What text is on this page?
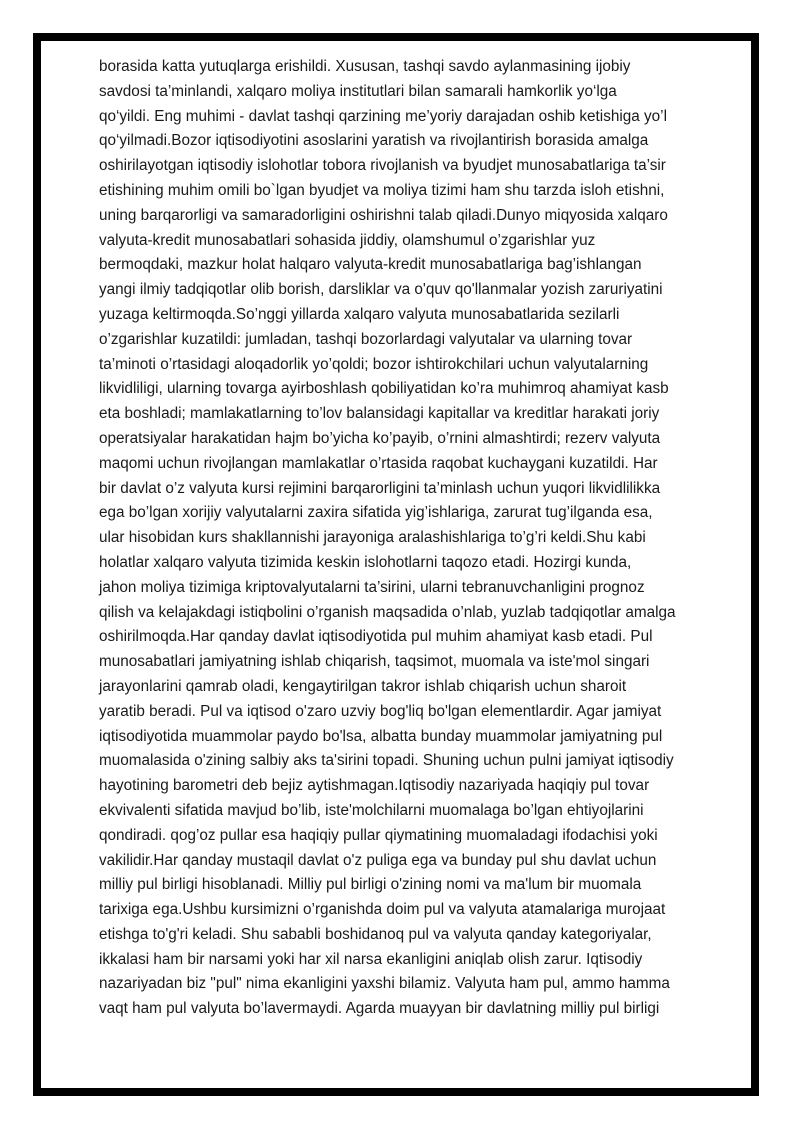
borasida katta yutuqlarga erishildi. Xususan, tashqi savdo aylanmasining ijobiy
savdosi ta’minlandi, xalqaro moliya institutlari bilan samarali hamkorlik yo‘lga
qo‘yildi. Eng muhimi - davlat tashqi qarzining me’yoriy darajadan oshib ketishiga yo’l
qo‘yilmadi.Bozor iqtisodiyotini asoslarini yaratish va rivojlantirish borasida amalga
oshirilayotgan iqtisodiy islohotlar tobora rivojlanish va byudjet munosabatlariga ta’sir
etishining muhim omili bo`lgan byudjet va moliya tizimi ham shu tarzda isloh etishni,
uning barqarorligi va samaradorligini oshirishni talab qiladi.Dunyo miqyosida xalqaro
valyuta-kredit munosabatlari sohasida jiddiy, olamshumul o’zgarishlar yuz
bermoqdaki, mazkur holat halqaro valyuta-kredit munosabatlariga bag’ishlangan
yangi ilmiy tadqiqotlar olib borish, darsliklar va o'quv qo'llanmalar yozish zaruriyatini
yuzaga keltirmoqda.So’nggi yillarda xalqaro valyuta munosabatlarida sezilarli
o’zgarishlar kuzatildi: jumladan, tashqi bozorlardagi valyutalar va ularning tovar
ta’minoti o’rtasidagi aloqadorlik yo’qoldi; bozor ishtirokchilari uchun valyutalarning
likvidliligi, ularning tovarga ayirboshlash qobiliyatidan ko’ra muhimroq ahamiyat kasb
eta boshladi; mamlakatlarning to’lov balansidagi kapitallar va kreditlar harakati joriy
operatsiyalar harakatidan hajm bo’yicha ko’payib, o’rnini almashtirdi; rezerv valyuta
maqomi uchun rivojlangan mamlakatlar o’rtasida raqobat kuchaygani kuzatildi. Har
bir davlat o’z valyuta kursi rejimini barqarorligini ta’minlash uchun yuqori likvidlilikka
ega bo’lgan xorijiy valyutalarni zaxira sifatida yig’ishlariga, zarurat tug’ilganda esa,
ular hisobidan kurs shakllannishi jarayoniga aralashishlariga to’g’ri keldi.Shu kabi
holatlar xalqaro valyuta tizimida keskin islohotlarni taqozo etadi. Hozirgi kunda,
jahon moliya tizimiga kriptovalyutalarni ta’sirini, ularni tebranuvchanligini prognoz
qilish va kelajakdagi istiqbolini o’rganish maqsadida o’nlab, yuzlab tadqiqotlar amalga
oshirilmoqda.Har qanday davlat iqtisodiyotida pul muhim ahamiyat kasb etadi. Pul
munosabatlari jamiyatning ishlab chiqarish, taqsimot, muomala va iste'mol singari
jarayonlarini qamrab oladi, kengaytirilgan takror ishlab chiqarish uchun sharoit
yaratib beradi. Pul va iqtisod o'zaro uzviy bog'liq bo'lgan elementlardir. Agar jamiyat
iqtisodiyotida muammolar paydo bo'lsa, albatta bunday muammolar jamiyatning pul
muomalasida o'zining salbiy aks ta'sirini topadi. Shuning uchun pulni jamiyat iqtisodiy
hayotining barometri deb bejiz aytishmagan.Iqtisodiy nazariyada haqiqiy pul tovar
ekvivalenti sifatida mavjud bo’lib, iste'molchilarni muomalaga bo’lgan ehtiyojlarini
qondiradi. qog’oz pullar esa haqiqiy pullar qiymatining muomaladagi ifodachisi yoki
vakilidir.Har qanday mustaqil davlat o'z puliga ega va bunday pul shu davlat uchun
milliy pul birligi hisoblanadi. Milliy pul birligi o'zining nomi va ma'lum bir muomala
tarixiga ega.Ushbu kursimizni o’rganishda doim pul va valyuta atamalariga murojaat
etishga to'g'ri keladi. Shu sababli boshidanoq pul va valyuta qanday kategoriyalar,
ikkalasi ham bir narsami yoki har xil narsa ekanligini aniqlab olish zarur. Iqtisodiy
nazariyadan biz "pul" nima ekanligini yaxshi bilamiz. Valyuta ham pul, ammo hamma
vaqt ham pul valyuta bo’lavermaydi. Agarda muayyan bir davlatning milliy pul birligi
